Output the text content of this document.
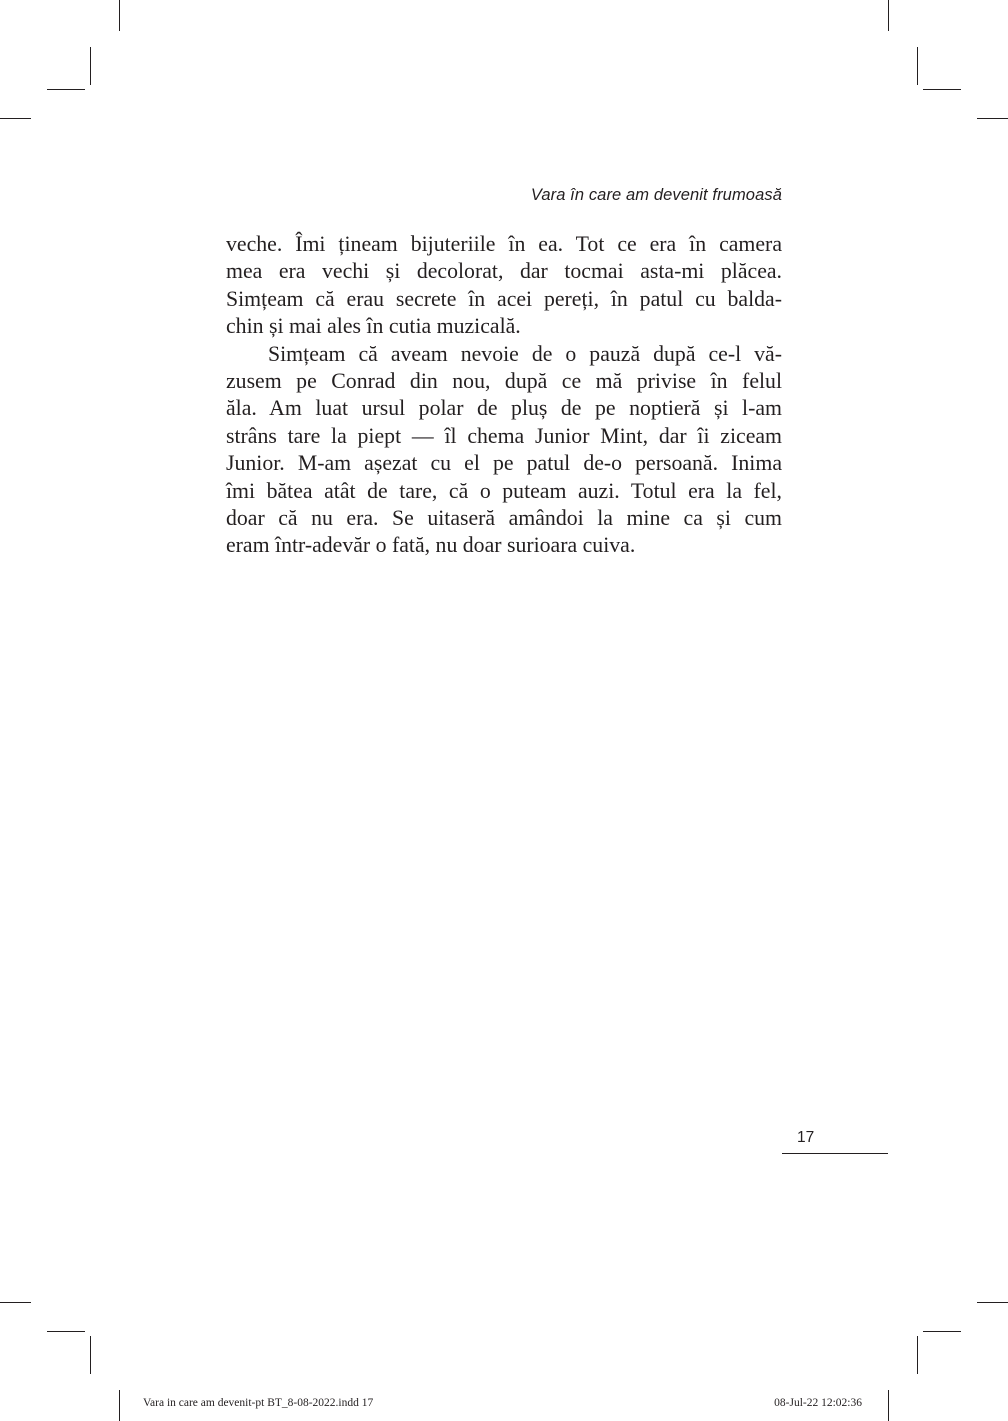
Vara în care am devenit frumoasă
veche. Îmi țineam bijuteriile în ea. Tot ce era în camera
mea era vechi și decolorat, dar tocmai asta-mi plăcea.
Simțeam că erau secrete în acei pereți, în patul cu balda-
chin și mai ales în cutia muzicală.
Simțeam că aveam nevoie de o pauză după ce-l vă-
zusem pe Conrad din nou, după ce mă privise în felul
ăla. Am luat ursul polar de pluș de pe noptieră și l-am
strâns tare la piept — îl chema Junior Mint, dar îi ziceam
Junior. M-am așezat cu el pe patul de-o persoană. Inima
îmi bătea atât de tare, că o puteam auzi. Totul era la fel,
doar că nu era. Se uitaseră amândoi la mine ca și cum
eram într-adevăr o fată, nu doar surioara cuiva.
17
Vara in care am devenit-pt BT_8-08-2022.indd 17	08-Jul-22 12:02:36
